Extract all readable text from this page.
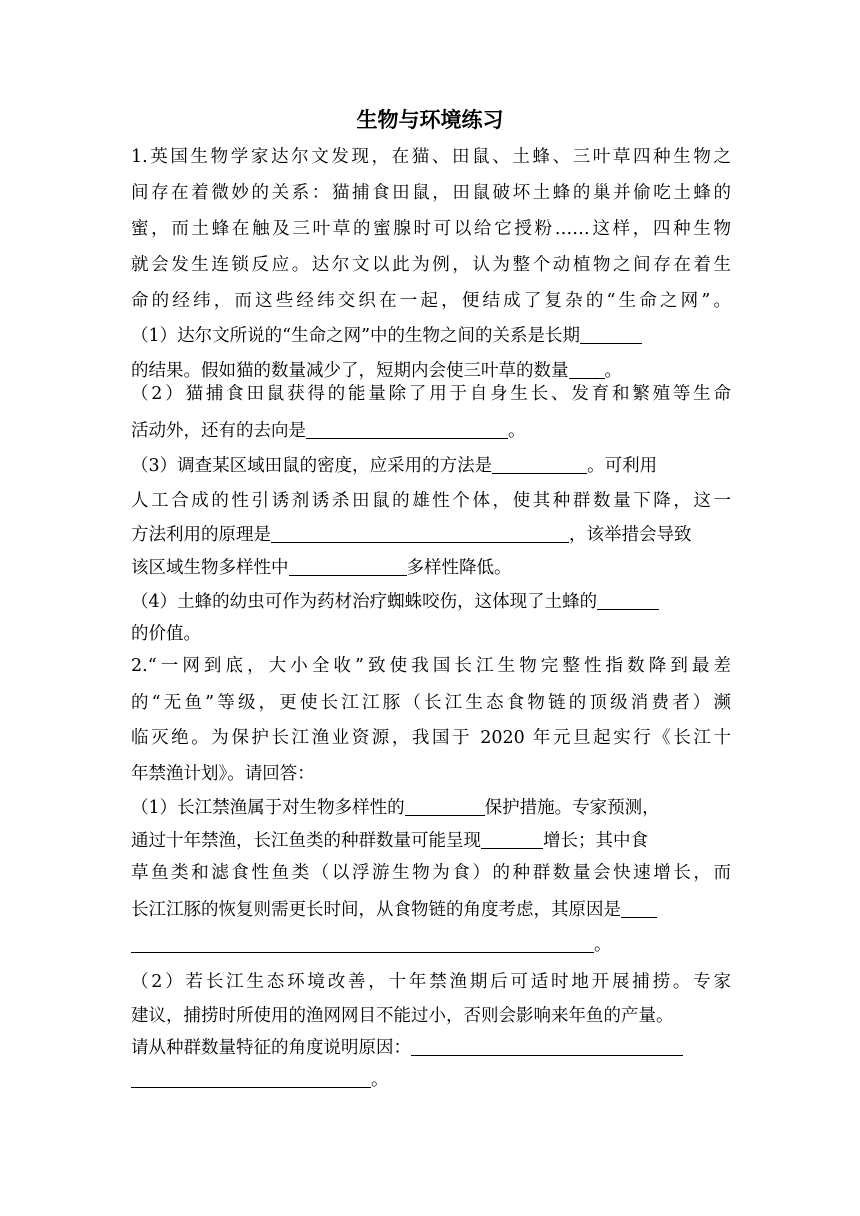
生物与环境练习
1.英国生物学家达尔文发现，在猫、田鼠、土蜂、三叶草四种生物之
间存在着微妙的关系：猫捕食田鼠，田鼠破坏土蜂的巢并偷吃土蜂的
蜜，而土蜂在触及三叶草的蜜腺时可以给它授粉……这样，四种生物
就会发生连锁反应。达尔文以此为例，认为整个动植物之间存在着生
命的经纬，而这些经纬交织在一起，便结成了复杂的“生命之网”。
（1）达尔文所说的“生命之网”中的生物之间的关系是长期
的结果。假如猫的数量减少了，短期内会使三叶草的数量 。
（2）猫捕食田鼠获得的能量除了用于自身生长、发育和繁殖等生命
活动外，还有的去向是	。
（3）调查某区域田鼠的密度，应采用的方法是	。可利用
人工合成的性引诱剂诱杀田鼠的雄性个体，使其种群数量下降，这一
方法利用的原理是	，该举措会导致
该区域生物多样性中	多样性降低。
（4）土蜂的幼虫可作为药材治疗蜘蛛咬伤，这体现了土蜂的
的价值。
2.“一网到底，大小全收”致使我国长江生物完整性指数降到最差
的“无鱼”等级，更使长江江豚（长江生态食物链的顶级消费者）濒
临灭绝。为保护长江渔业资源，我国于 2020 年元旦起实行《长江十
年禁渔计划》。请回答：
（1）长江禁渔属于对生物多样性的	保护措施。专家预测，
通过十年禁渔，长江鱼类的种群数量可能呈现	增长；其中食
草鱼类和滤食性鱼类（以浮游生物为食）的种群数量会快速增长，而
长江江豚的恢复则需更长时间，从食物链的角度考虑，其原因是
。
（2）若长江生态环境改善，十年禁渔期后可适时地开展捕捞。专家
建议，捕捞时所使用的渔网网目不能过小，否则会影响来年鱼的产量。
请从种群数量特征的角度说明原因：
。
